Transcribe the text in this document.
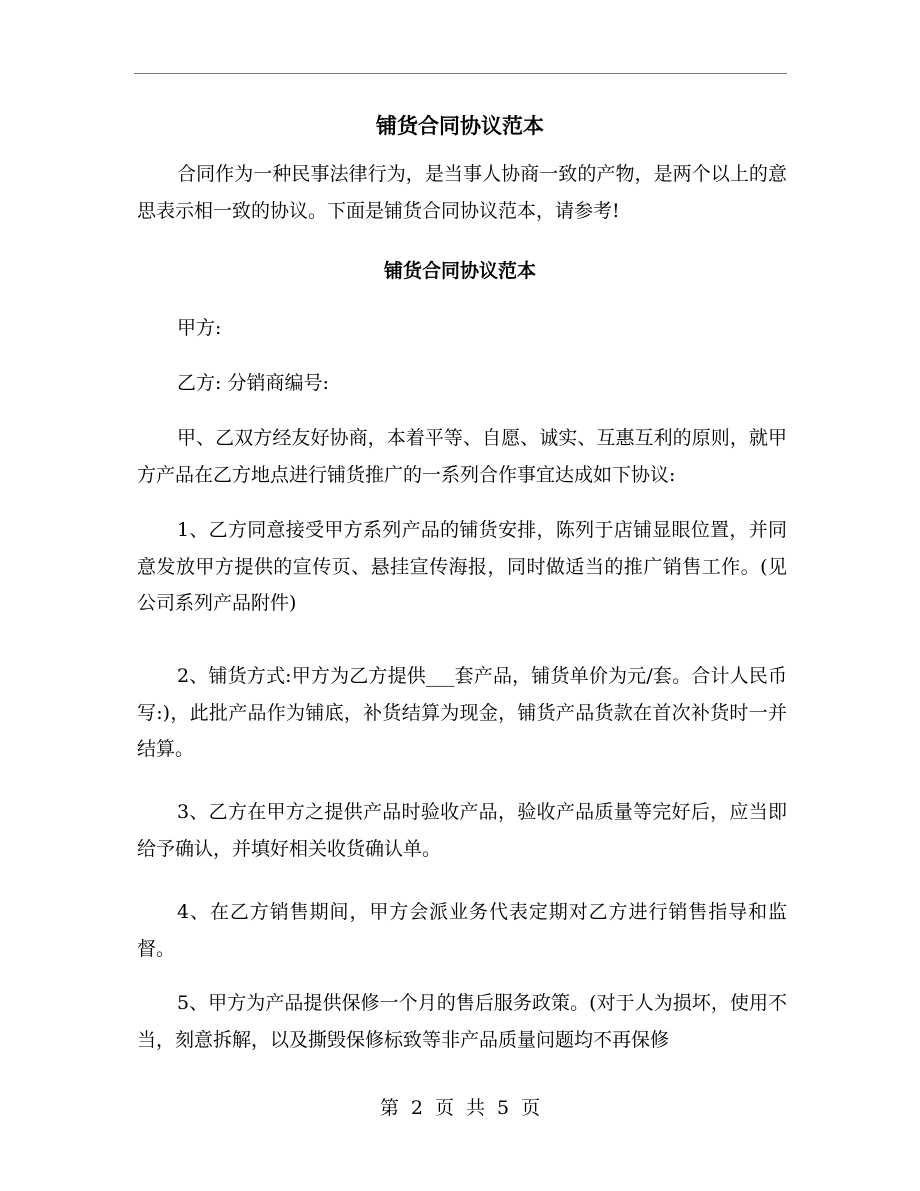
铺货合同协议范本

合同作为一种民事法律行为，是当事人协商一致的产物，是两个以上的意思表示相一致的协议。下面是铺货合同协议范本，请参考!

铺货合同协议范本

甲方:

乙方: 分销商编号:

甲、乙双方经友好协商，本着平等、自愿、诚实、互惠互利的原则，就甲方产品在乙方地点进行铺货推广的一系列合作事宜达成如下协议:

1、乙方同意接受甲方系列产品的铺货安排，陈列于店铺显眼位置，并同意发放甲方提供的宣传页、悬挂宣传海报，同时做适当的推广销售工作。(见公司系列产品附件)

2、铺货方式:甲方为乙方提供___套产品，铺货单价为元/套。合计人民币写:)，此批产品作为铺底，补货结算为现金，铺货产品货款在首次补货时一并结算。

3、乙方在甲方之提供产品时验收产品，验收产品质量等完好后，应当即给予确认，并填好相关收货确认单。

4、在乙方销售期间，甲方会派业务代表定期对乙方进行销售指导和监督。

5、甲方为产品提供保修一个月的售后服务政策。(对于人为损坏，使用不当，刻意拆解，以及撕毁保修标致等非产品质量问题均不再保修

第 2 页 共 5 页
